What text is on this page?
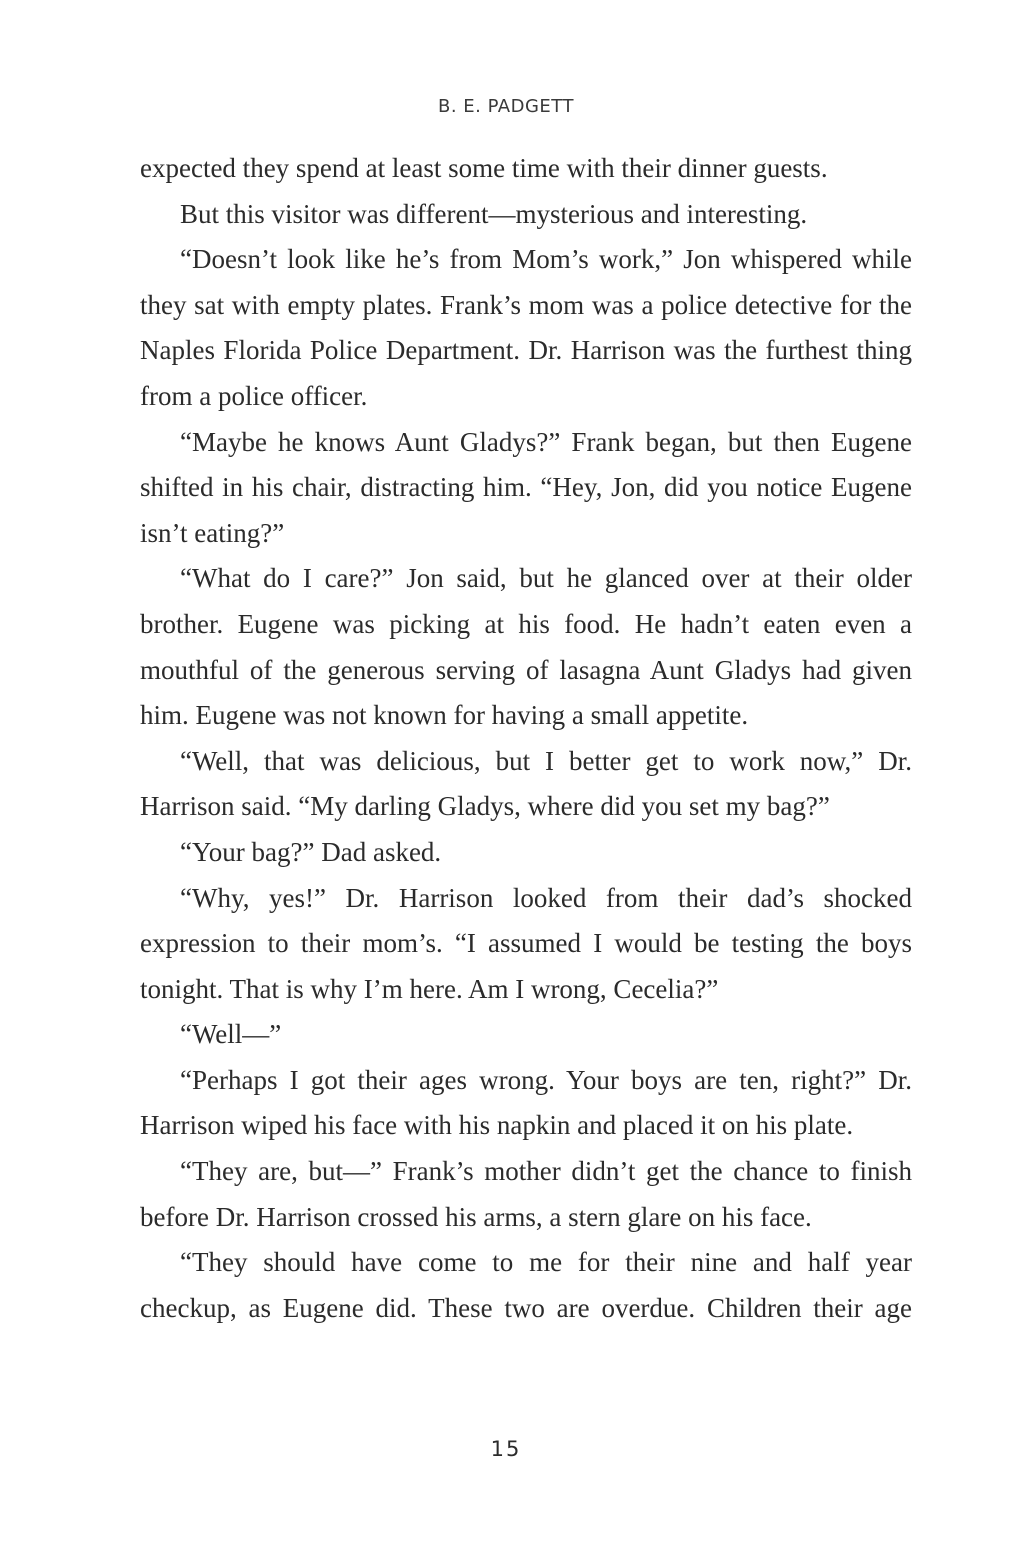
B. E. PADGETT

expected they spend at least some time with their dinner guests.

But this visitor was different—mysterious and interesting.

“Doesn’t look like he’s from Mom’s work,” Jon whispered while they sat with empty plates. Frank’s mom was a police detective for the Naples Florida Police Department. Dr. Harrison was the furthest thing from a police officer.

“Maybe he knows Aunt Gladys?” Frank began, but then Eugene shifted in his chair, distracting him. “Hey, Jon, did you notice Eugene isn’t eating?”

“What do I care?” Jon said, but he glanced over at their older brother. Eugene was picking at his food. He hadn’t eaten even a mouthful of the generous serving of lasagna Aunt Gladys had given him. Eugene was not known for having a small appetite.

“Well, that was delicious, but I better get to work now,” Dr. Harrison said. “My darling Gladys, where did you set my bag?”

“Your bag?” Dad asked.

“Why, yes!” Dr. Harrison looked from their dad’s shocked expression to their mom’s. “I assumed I would be testing the boys tonight. That is why I’m here. Am I wrong, Cecelia?”

“Well—”

“Perhaps I got their ages wrong. Your boys are ten, right?” Dr. Harrison wiped his face with his napkin and placed it on his plate.

“They are, but—” Frank’s mother didn’t get the chance to finish before Dr. Harrison crossed his arms, a stern glare on his face.

“They should have come to me for their nine and half year checkup, as Eugene did. These two are overdue. Children their age

15
